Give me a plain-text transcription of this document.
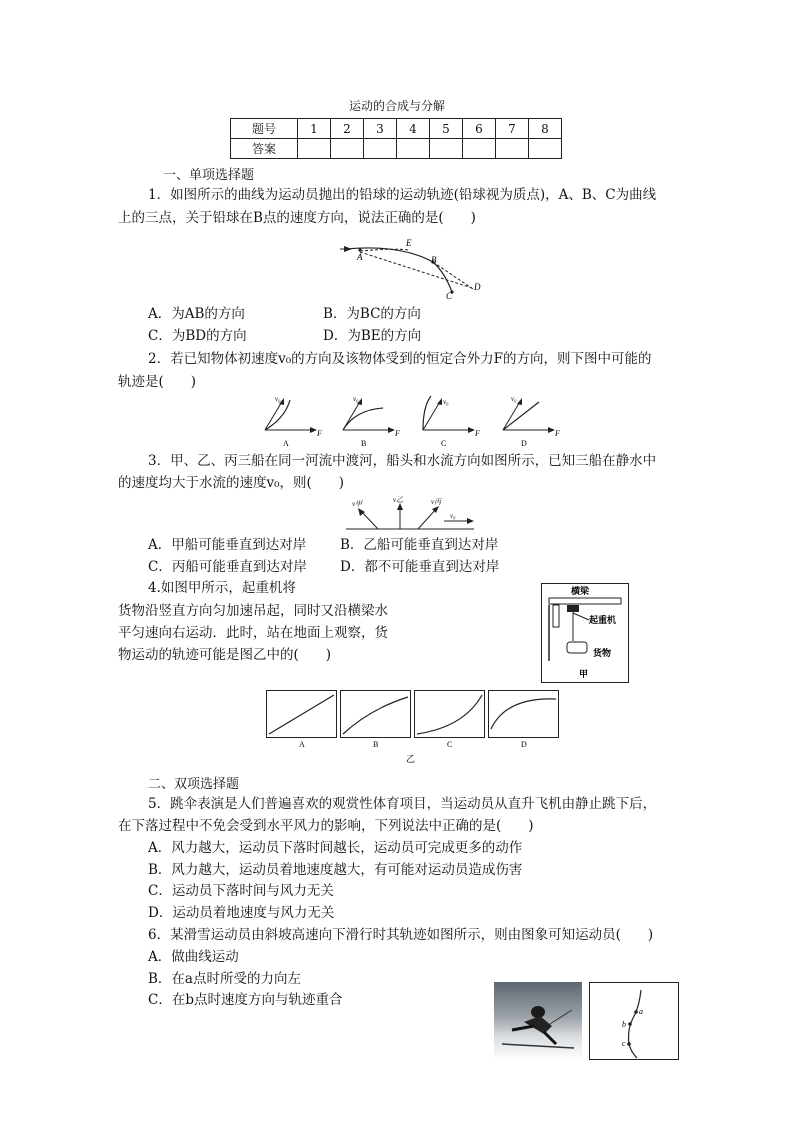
运动的合成与分解
题号	1	2	3	4	5	6	7	8
答案								
一、单项选择题
1．如图所示的曲线为运动员抛出的铅球的运动轨迹(铅球视为质点)，A、B、C为曲线
上的三点，关于铅球在B点的速度方向，说法正确的是(　　)
A
E
B
C
D
A．为AB的方向	B．为BC的方向
C．为BD的方向	D．为BE的方向
2．若已知物体初速度v₀的方向及该物体受到的恒定合外力F的方向，则下图中可能的
轨迹是(　　)
v₀
F
A
v₀
F
B
v₀
F
C
v₀
F
D
3．甲、乙、丙三船在同一河流中渡河，船头和水流方向如图所示，已知三船在静水中
的速度均大于水流的速度v₀，则(　　)
v甲	v乙	v丙
v₀
A．甲船可能垂直到达对岸	B．乙船可能垂直到达对岸
C．丙船可能垂直到达对岸 D．都不可能垂直到达对岸
4.如图甲所示，起重机将
货物沿竖直方向匀加速吊起，同时又沿横梁水
平匀速向右运动．此时，站在地面上观察，货
物运动的轨迹可能是图乙中的(　　)
横梁
起重机
货物
甲
A	B	C	D
乙
二、双项选择题
5．跳伞表演是人们普遍喜欢的观赏性体育项目，当运动员从直升飞机由静止跳下后，
在下落过程中不免会受到水平风力的影响，下列说法中正确的是(　　)
A．风力越大，运动员下落时间越长，运动员可完成更多的动作
B．风力越大，运动员着地速度越大，有可能对运动员造成伤害
C．运动员下落时间与风力无关
D．运动员着地速度与风力无关
6．某滑雪运动员由斜坡高速向下滑行时其轨迹如图所示，则由图象可知运动员(　　)
A．做曲线运动
B．在a点时所受的力向左
C．在b点时速度方向与轨迹重合
a
b
c
